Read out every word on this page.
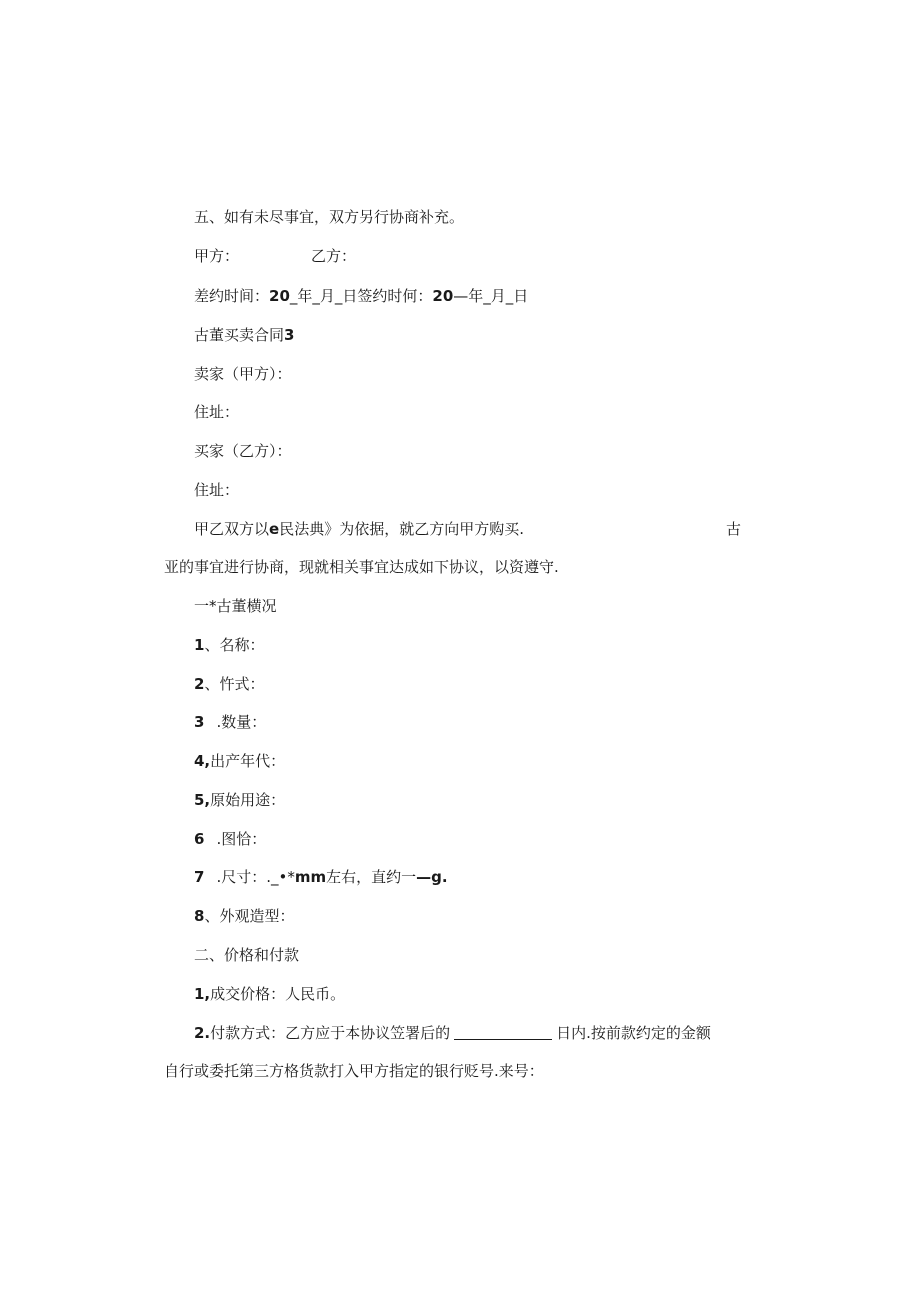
五、如有未尽事宜，双方另行协商补充。
甲方：	乙方：
差约时间：20_年_月_日签约时何：20—年_月_日
古董买卖合同3
卖家（甲方）：
住址：
买家（乙方）：
住址：
甲乙双方以e民法典》为依据，就乙方向甲方购买.	古
亚的事宜进行协商，现就相关事宜达成如下协议，以资遵守.
一*古董横况
1、名称：
2、忤式：
3 .数量：
4,出产年代：
5,原始用途：
6 .图恰：
7 .尺寸：._•*mm左右，直约一—g.
8、外观造型：
二、价格和付款
1,成交价格：人民币。
2.付款方式：乙方应于本协议笠署后的	日内.按前款约定的金额
自行或委托第三方格货款打入甲方指定的银行贬号.来号：
